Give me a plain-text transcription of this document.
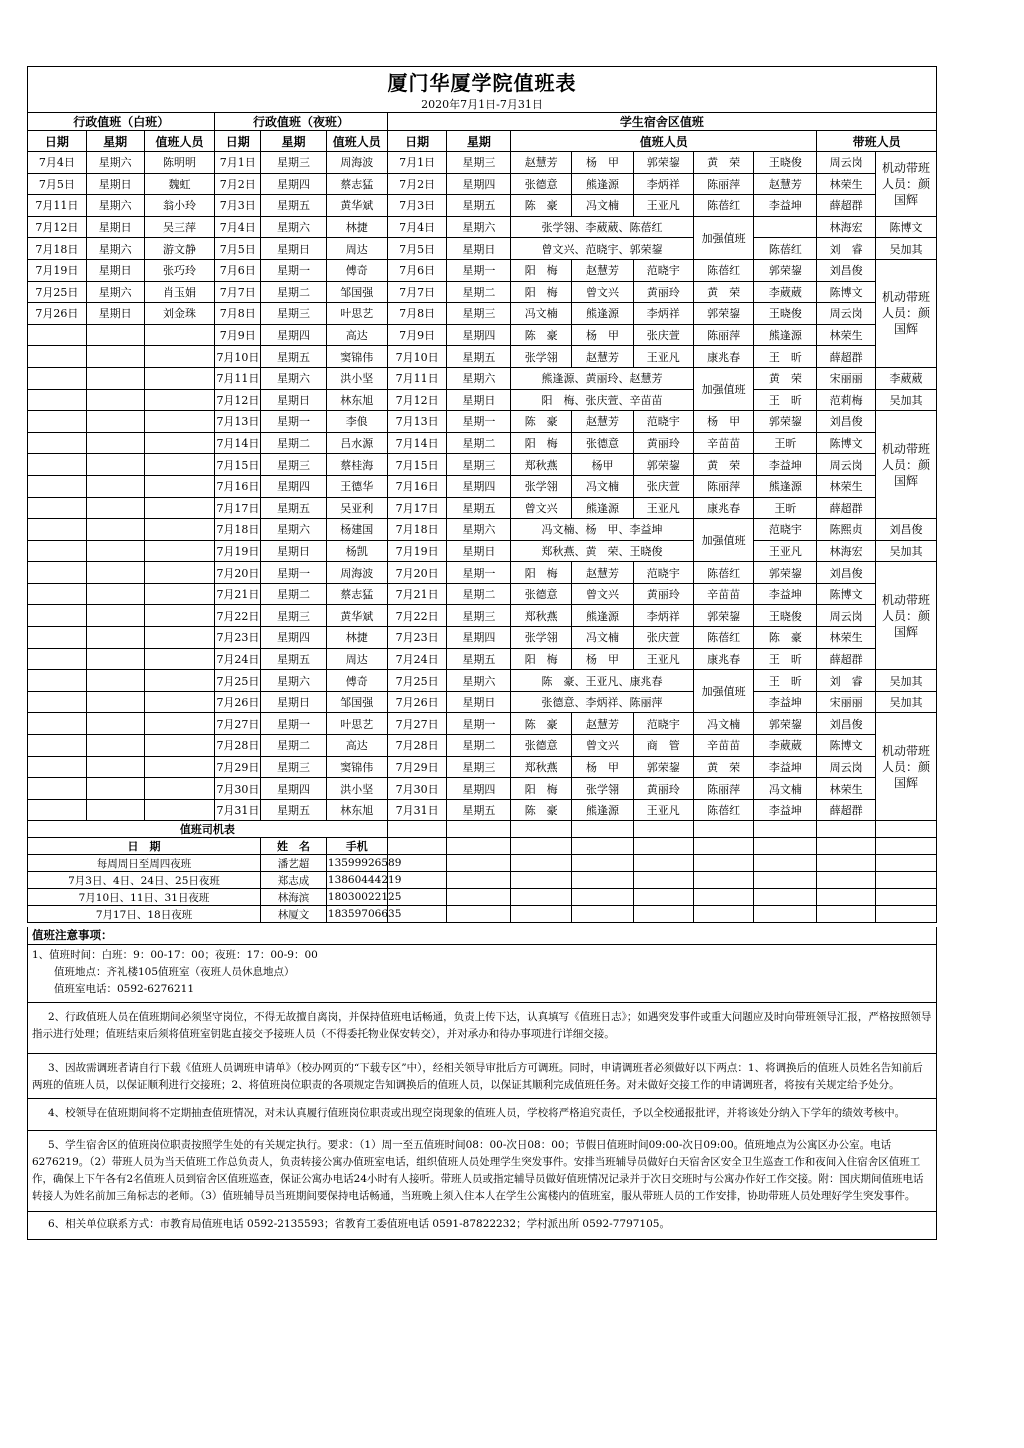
厦门华厦学院值班表														
2020年7月1日-7月31日														
行政值班（白班）			行政值班（夜班）			学生宿舍区值班								
日期	星期	值班人员	日期	星期	值班人员	日期	星期	值班人员					带班人员	
7月4日	星期六	陈明明	7月1日	星期三	周海波	7月1日	星期三	赵慧芳	杨　甲	郭荣鋆	黄　荣	王晓俊	周云岗	机动带班人员：颜国辉
7月5日	星期日	魏虹	7月2日	星期四	蔡志猛	7月2日	星期四	张德意	熊逢源	李炳祥	陈丽萍	赵慧芳	林荣生	
7月11日	星期六	翁小玲	7月3日	星期五	黄华斌	7月3日	星期五	陈　豪	冯文楠	王亚凡	陈蓓红	李益坤	薛超群	
7月12日	星期日	吴三萍	7月4日	星期六	林捷	7月4日	星期六	张学翎、李葳葳、陈蓓红			加强值班		林海宏	陈博文
7月18日	星期六	游文静	7月5日	星期日	周达	7月5日	星期日	曾文兴、范晓宇、郭荣鋆				陈蓓红	刘　睿	吴加其
7月19日	星期日	张巧玲	7月6日	星期一	傅奇	7月6日	星期一	阳　梅	赵慧芳	范晓宇	陈蓓红	郭荣鋆	刘昌俊	机动带班人员：颜国辉
7月25日	星期六	肖玉娟	7月7日	星期二	邹国强	7月7日	星期二	阳　梅	曾文兴	黄丽玲	黄　荣	李葳葳	陈博文	
7月26日	星期日	刘金珠	7月8日	星期三	叶思艺	7月8日	星期三	冯文楠	熊逢源	李炳祥	郭荣鋆	王晓俊	周云岗	
			7月9日	星期四	高达	7月9日	星期四	陈　豪	杨　甲	张庆萱	陈丽萍	熊逢源	林荣生	
			7月10日	星期五	窦锦伟	7月10日	星期五	张学翎	赵慧芳	王亚凡	康兆春	王　昕	薛超群	
			7月11日	星期六	洪小坚	7月11日	星期六	熊逢源、黄丽玲、赵慧芳			加强值班	黄　荣	宋丽丽	李葳葳
			7月12日	星期日	林东旭	7月12日	星期日	阳　梅、张庆萱、辛苗苗				王　昕	范莉梅	吴加其
			7月13日	星期一	李俍	7月13日	星期一	陈　豪	赵慧芳	范晓宇	杨　甲	郭荣鋆	刘昌俊	机动带班人员：颜国辉
			7月14日	星期二	吕水源	7月14日	星期二	阳　梅	张德意	黄丽玲	辛苗苗	王昕	陈博文	
			7月15日	星期三	蔡桂海	7月15日	星期三	郑秋燕	杨甲	郭荣鋆	黄　荣	李益坤	周云岗	
			7月16日	星期四	王德华	7月16日	星期四	张学翎	冯文楠	张庆萱	陈丽萍	熊逢源	林荣生	
			7月17日	星期五	吴亚利	7月17日	星期五	曾文兴	熊逢源	王亚凡	康兆春	王昕	薛超群	
			7月18日	星期六	杨建国	7月18日	星期六	冯文楠、杨　甲、李益坤			加强值班	范晓宇	陈熙贞	刘昌俊
			7月19日	星期日	杨凯	7月19日	星期日	郑秋燕、黄　荣、王晓俊				王亚凡	林海宏	吴加其
			7月20日	星期一	周海波	7月20日	星期一	阳　梅	赵慧芳	范晓宇	陈蓓红	郭荣鋆	刘昌俊	机动带班人员：颜国辉
			7月21日	星期二	蔡志猛	7月21日	星期二	张德意	曾文兴	黄丽玲	辛苗苗	李益坤	陈博文	
			7月22日	星期三	黄华斌	7月22日	星期三	郑秋燕	熊逢源	李炳祥	郭荣鋆	王晓俊	周云岗	
			7月23日	星期四	林捷	7月23日	星期四	张学翎	冯文楠	张庆萱	陈蓓红	陈　豪	林荣生	
			7月24日	星期五	周达	7月24日	星期五	阳　梅	杨　甲	王亚凡	康兆春	王　昕	薛超群	
			7月25日	星期六	傅奇	7月25日	星期六	陈　豪、王亚凡、康兆春			加强值班	王　昕	刘　睿	吴加其
			7月26日	星期日	邹国强	7月26日	星期日	张德意、李炳祥、陈丽萍				李益坤	宋丽丽	吴加其
			7月27日	星期一	叶思艺	7月27日	星期一	陈　豪	赵慧芳	范晓宇	冯文楠	郭荣鋆	刘昌俊	机动带班人员：颜国辉
			7月28日	星期二	高达	7月28日	星期二	张德意	曾文兴	商　管	辛苗苗	李葳葳	陈博文	
			7月29日	星期三	窦锦伟	7月29日	星期三	郑秋燕	杨　甲	郭荣鋆	黄　荣	李益坤	周云岗	
			7月30日	星期四	洪小坚	7月30日	星期四	阳　梅	张学翎	黄丽玲	陈丽萍	冯文楠	林荣生	
			7月31日	星期五	林东旭	7月31日	星期五	陈　豪	熊逢源	王亚凡	陈蓓红	李益坤	薛超群	
值班司机表														
日　期				姓　名	手机									
每周周日至周四夜班				潘艺超	13599926589									
7月3日、4日、24日、25日夜班				郑志成	13860444219									
7月10日、11日、31日夜班				林海滨	18030022125									
7月17日、18日夜班				林厦文	18359706635									
值班注意事项：

1、值班时间：白班：9：00-17：00；夜班：17：00-9：00
值班地点：齐礼楼105值班室（夜班人员休息地点）
值班室电话：0592-6276211

2、行政值班人员在值班期间必须坚守岗位，不得无故擅自离岗，并保持值班电话畅通，负责上传下达，认真填写《值班日志》；如遇突发事件或重大问题应及时向带班领导汇报，严格按照领导指示进行处理；值班结束后须将值班室钥匙直接交予接班人员（不得委托物业保安转交），并对承办和待办事项进行详细交接。
3、因故需调班者请自行下载《值班人员调班申请单》（校办网页的“下载专区”中），经相关领导审批后方可调班。同时，申请调班者必须做好以下两点：1、将调换后的值班人员姓名告知前后两班的值班人员，以保证顺利进行交接班；2、将值班岗位职责的各项规定告知调换后的值班人员，以保证其顺利完成值班任务。对未做好交接工作的申请调班者，将按有关规定给予处分。
4、校领导在值班期间将不定期抽查值班情况，对未认真履行值班岗位职责或出现空岗现象的值班人员，学校将严格追究责任，予以全校通报批评，并将该处分纳入下学年的绩效考核中。
5、学生宿舍区的值班岗位职责按照学生处的有关规定执行。要求：（1）周一至五值班时间08：00-次日08：00；节假日值班时间09:00-次日09:00。值班地点为公寓区办公室。电话6276219。（2）带班人员为当天值班工作总负责人，负责转接公寓办值班室电话，组织值班人员处理学生突发事件。安排当班辅导员做好白天宿舍区安全卫生巡查工作和夜间入住宿舍区值班工作，确保上下午各有2名值班人员到宿舍区值班巡查，保证公寓办电话24小时有人接听。带班人员或指定辅导员做好值班情况记录并于次日交班时与公寓办作好工作交接。附：国庆期间值班电话转接人为姓名前加三角标志的老师。（3）值班辅导员当班期间要保持电话畅通，当班晚上须入住本人在学生公寓楼内的值班室，服从带班人员的工作安排，协助带班人员处理好学生突发事件。
6、相关单位联系方式：市教育局值班电话 0592-2135593；省教育工委值班电话 0591-87822232；学村派出所 0592-7797105。
